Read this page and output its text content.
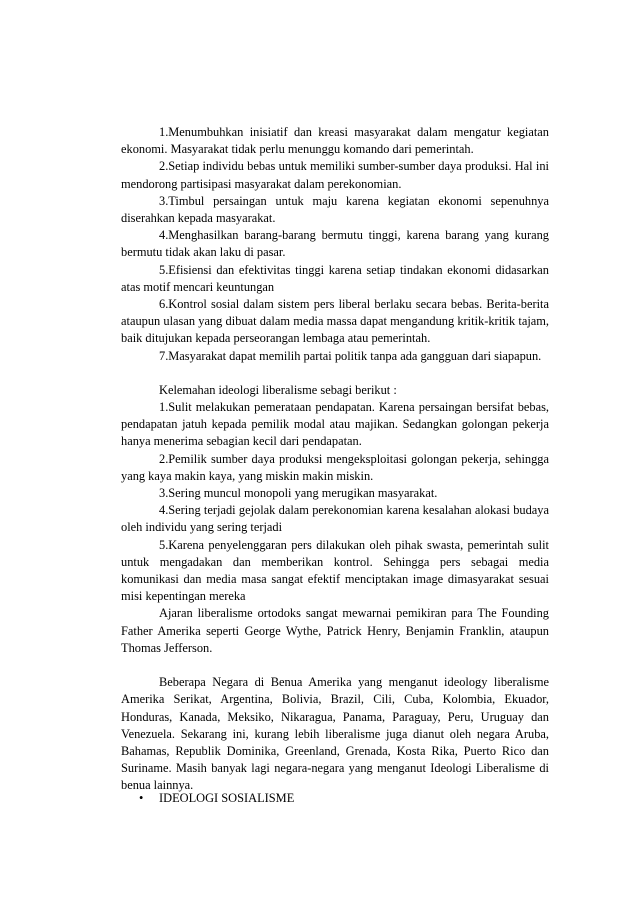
1.Menumbuhkan inisiatif dan kreasi masyarakat dalam mengatur kegiatan ekonomi. Masyarakat tidak perlu menunggu komando dari pemerintah.

2.Setiap individu bebas untuk memiliki sumber-sumber daya produksi. Hal ini mendorong partisipasi masyarakat dalam perekonomian.

3.Timbul persaingan untuk maju karena kegiatan ekonomi sepenuhnya diserahkan kepada masyarakat.

4.Menghasilkan barang-barang bermutu tinggi, karena barang yang kurang bermutu tidak akan laku di pasar.

5.Efisiensi dan efektivitas tinggi karena setiap tindakan ekonomi didasarkan atas motif mencari keuntungan

6.Kontrol sosial dalam sistem pers liberal berlaku secara bebas. Berita-berita ataupun ulasan yang dibuat dalam media massa dapat mengandung kritik-kritik tajam, baik ditujukan kepada perseorangan lembaga atau pemerintah.

7.Masyarakat dapat memilih partai politik tanpa ada gangguan dari siapapun.

Kelemahan ideologi liberalisme sebagi berikut :

1.Sulit melakukan pemerataan pendapatan. Karena persaingan bersifat bebas, pendapatan jatuh kepada pemilik modal atau majikan. Sedangkan golongan pekerja hanya menerima sebagian kecil dari pendapatan.

2.Pemilik sumber daya produksi mengeksploitasi golongan pekerja, sehingga yang kaya makin kaya, yang miskin makin miskin.

3.Sering muncul monopoli yang merugikan masyarakat.

4.Sering terjadi gejolak dalam perekonomian karena kesalahan alokasi budaya oleh individu yang sering terjadi

5.Karena penyelenggaran pers dilakukan oleh pihak swasta, pemerintah sulit untuk mengadakan dan memberikan kontrol. Sehingga pers sebagai media komunikasi dan media masa sangat efektif menciptakan image dimasyarakat sesuai misi kepentingan mereka

Ajaran liberalisme ortodoks sangat mewarnai pemikiran para The Founding Father Amerika seperti George Wythe, Patrick Henry, Benjamin Franklin, ataupun Thomas Jefferson.

Beberapa Negara di Benua Amerika yang menganut ideology liberalisme Amerika Serikat, Argentina, Bolivia, Brazil, Cili, Cuba, Kolombia, Ekuador, Honduras, Kanada, Meksiko, Nikaragua, Panama, Paraguay, Peru, Uruguay dan Venezuela. Sekarang ini, kurang lebih liberalisme juga dianut oleh negara Aruba, Bahamas, Republik Dominika, Greenland, Grenada, Kosta Rika, Puerto Rico dan Suriname. Masih banyak lagi negara-negara yang menganut Ideologi Liberalisme di benua lainnya.

• IDEOLOGI SOSIALISME
